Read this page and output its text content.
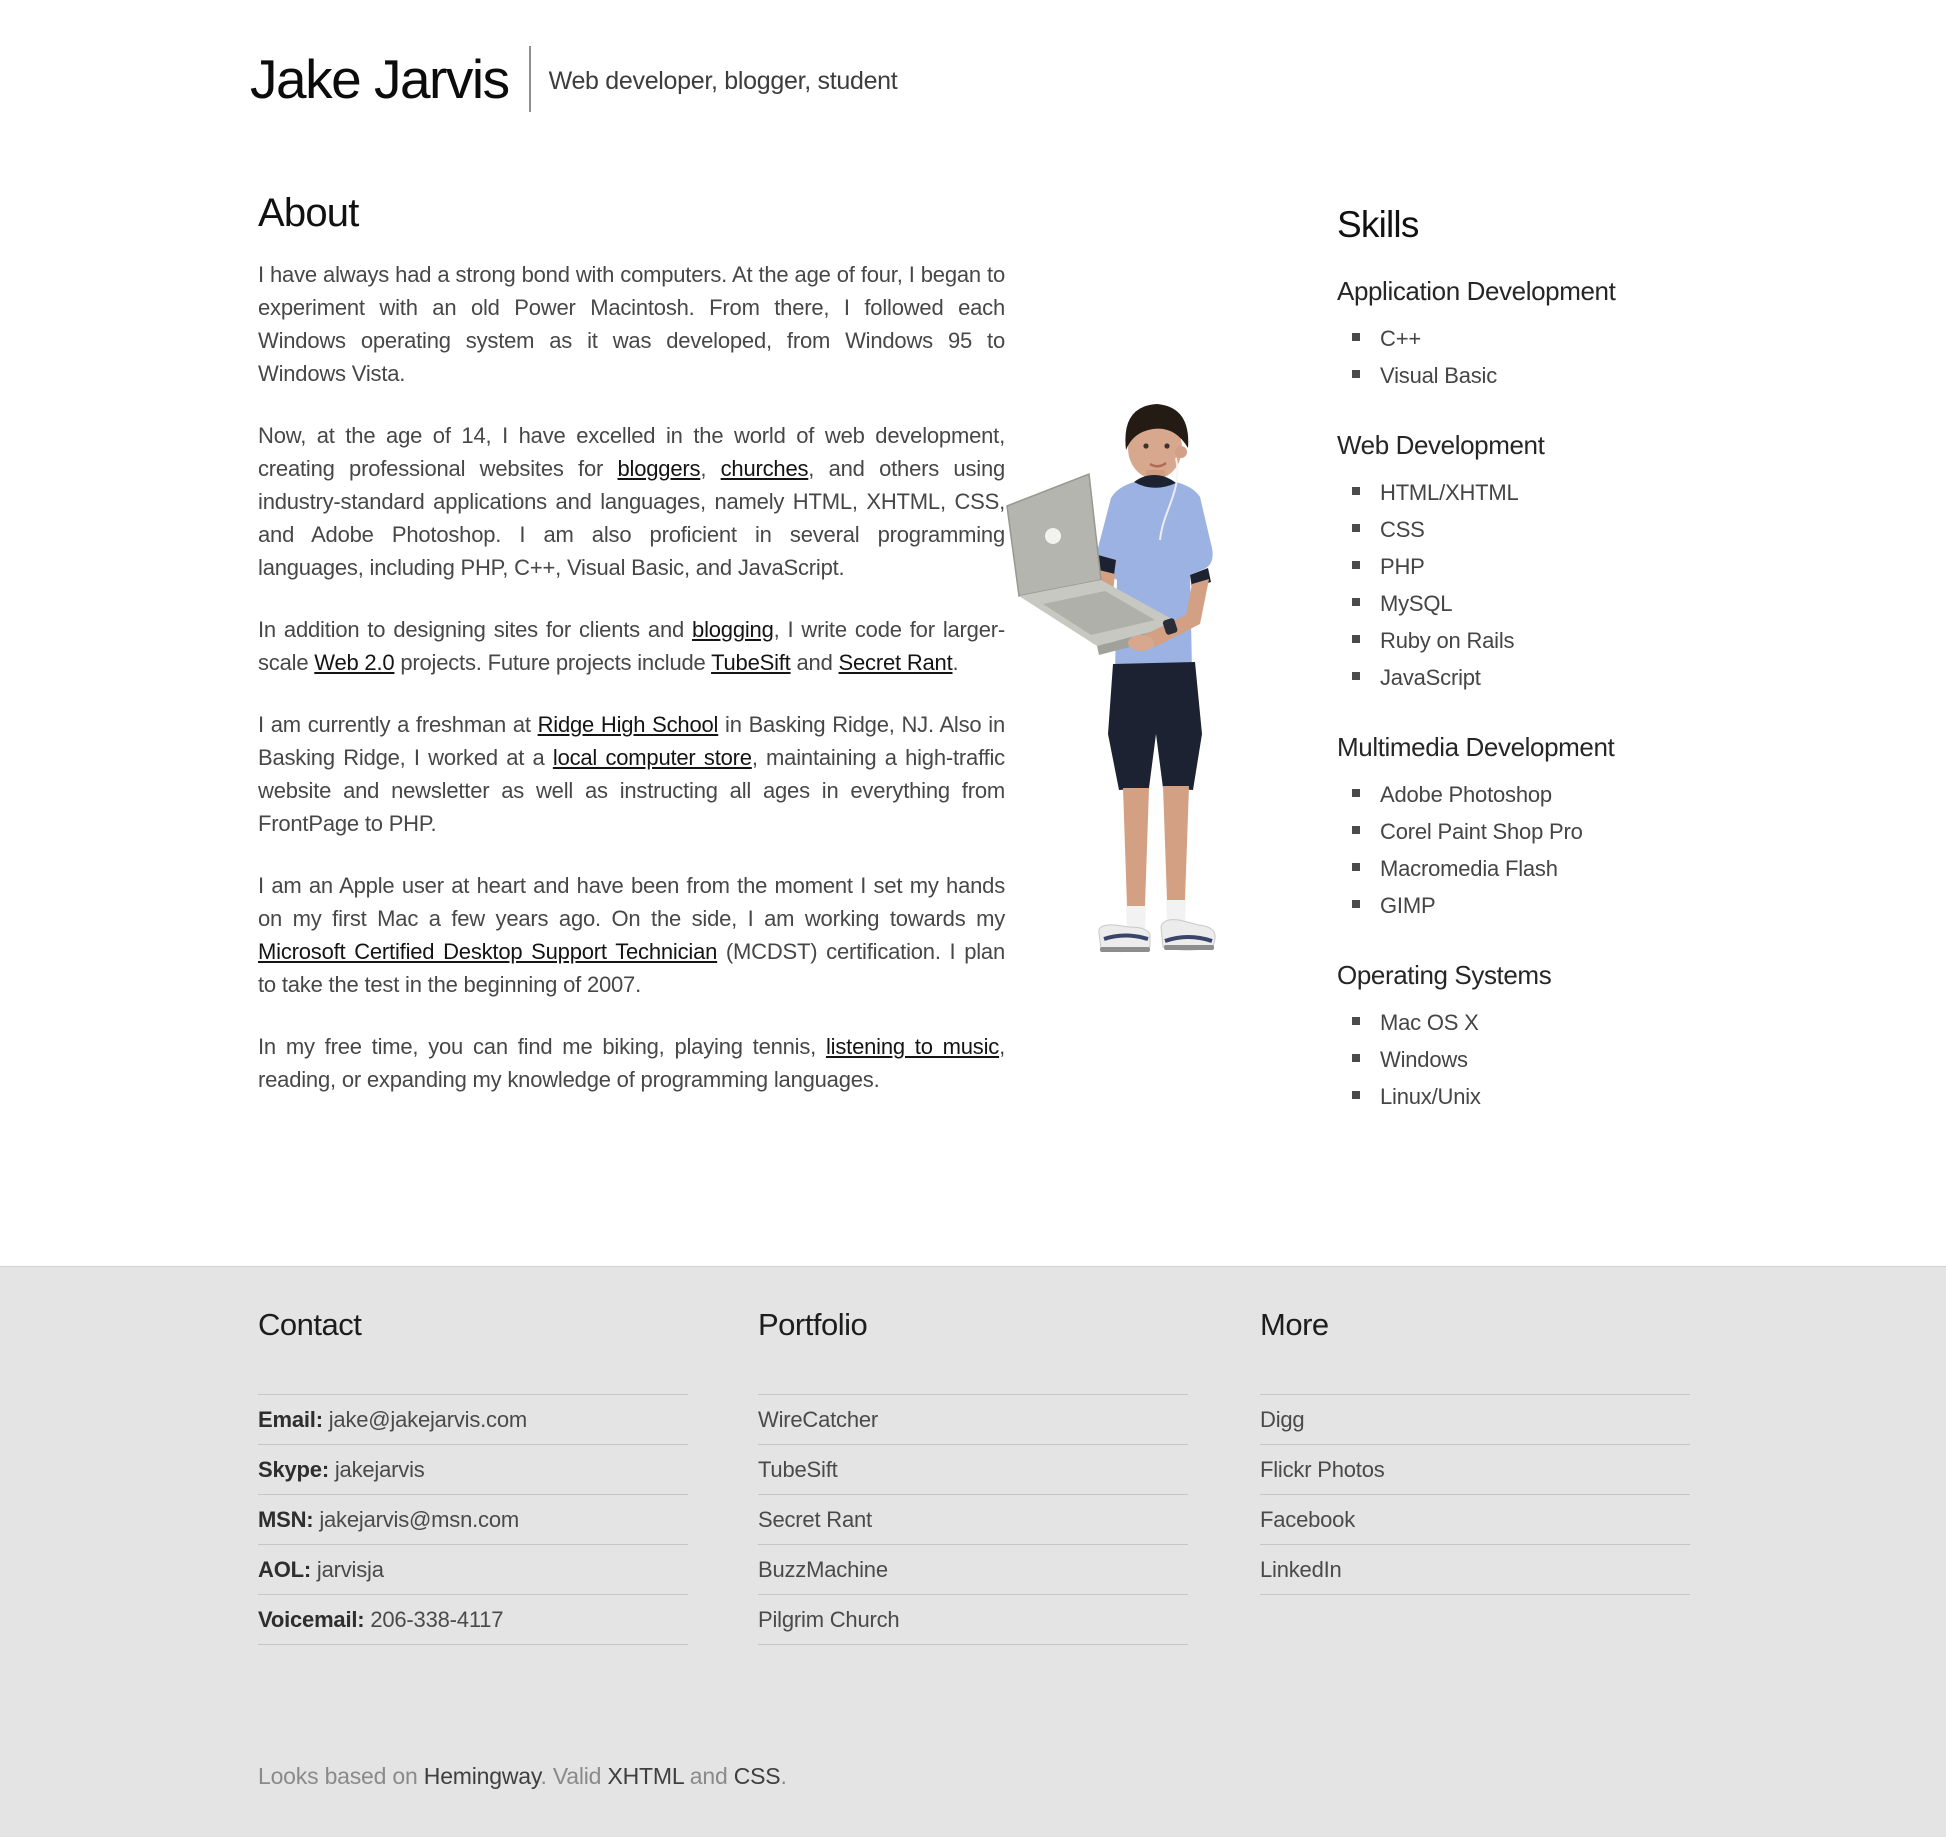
Jake Jarvis Web developer, blogger, student
About

I have always had a strong bond with computers. At the age of four, I began to experiment with an old Power Macintosh. From there, I followed each Windows operating system as it was developed, from Windows 95 to Windows Vista.

Now, at the age of 14, I have excelled in the world of web development, creating professional websites for bloggers, churches, and others using industry-standard applications and languages, namely HTML, XHTML, CSS, and Adobe Photoshop. I am also proficient in several programming languages, including PHP, C++, Visual Basic, and JavaScript.

In addition to designing sites for clients and blogging, I write code for larger-scale Web 2.0 projects. Future projects include TubeSift and Secret Rant.

I am currently a freshman at Ridge High School in Basking Ridge, NJ. Also in Basking Ridge, I worked at a local computer store, maintaining a high-traffic website and newsletter as well as instructing all ages in everything from FrontPage to PHP.

I am an Apple user at heart and have been from the moment I set my hands on my first Mac a few years ago. On the side, I am working towards my Microsoft Certified Desktop Support Technician (MCDST) certification. I plan to take the test in the beginning of 2007.

In my free time, you can find me biking, playing tennis, listening to music, reading, or expanding my knowledge of programming languages.

Skills
Application Development
C++
Visual Basic
Web Development
HTML/XHTML
CSS
PHP
MySQL
Ruby on Rails
JavaScript
Multimedia Development
Adobe Photoshop
Corel Paint Shop Pro
Macromedia Flash
GIMP
Operating Systems
Mac OS X
Windows
Linux/Unix
Contact
Email: jake@jakejarvis.com
Skype: jakejarvis
MSN: jakejarvis@msn.com
AOL: jarvisja
Voicemail: 206-338-4117
Portfolio
WireCatcher
TubeSift
Secret Rant
BuzzMachine
Pilgrim Church
More
Digg
Flickr Photos
Facebook
LinkedIn
Looks based on Hemingway. Valid XHTML and CSS.
